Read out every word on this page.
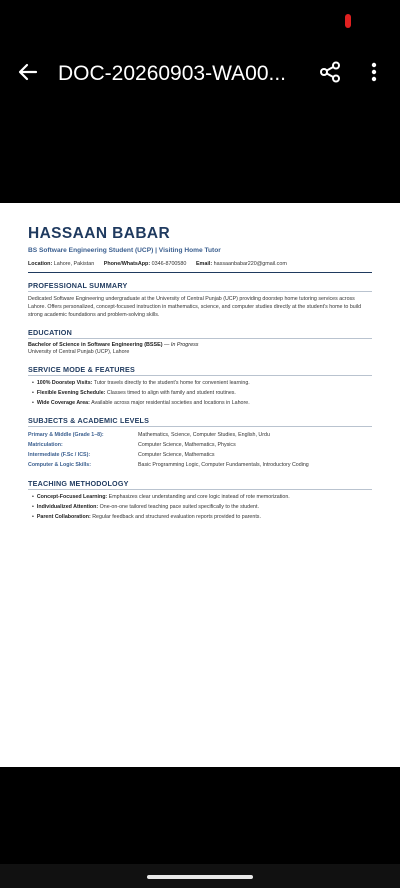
DOC-20260903-WA00...
HASSAAN BABAR
BS Software Engineering Student (UCP) | Visiting Home Tutor
Location: Lahore, Pakistan Phone/WhatsApp: 0346-8700580 Email: hassaanbabar220@gmail.com
PROFESSIONAL SUMMARY
Dedicated Software Engineering undergraduate at the University of Central Punjab (UCP) providing doorstep home tutoring services across Lahore. Offers personalized, concept-focused instruction in mathematics, science, and computer studies directly at the student's home to build strong academic foundations and problem-solving skills.
EDUCATION
Bachelor of Science in Software Engineering (BSSE) — In Progress
University of Central Punjab (UCP), Lahore
SERVICE MODE & FEATURES
• 100% Doorstep Visits: Tutor travels directly to the student's home for convenient learning.
• Flexible Evening Schedule: Classes timed to align with family and student routines.
• Wide Coverage Area: Available across major residential societies and locations in Lahore.
SUBJECTS & ACADEMIC LEVELS
Primary & Middle (Grade 1–8):	Mathematics, Science, Computer Studies, English, Urdu
Matriculation:	Computer Science, Mathematics, Physics
Intermediate (F.Sc / ICS):	Computer Science, Mathematics
Computer & Logic Skills:	Basic Programming Logic, Computer Fundamentals, Introductory Coding
TEACHING METHODOLOGY
• Concept-Focused Learning: Emphasizes clear understanding and core logic instead of rote memorization.
• Individualized Attention: One-on-one tailored teaching pace suited specifically to the student.
• Parent Collaboration: Regular feedback and structured evaluation reports provided to parents.
